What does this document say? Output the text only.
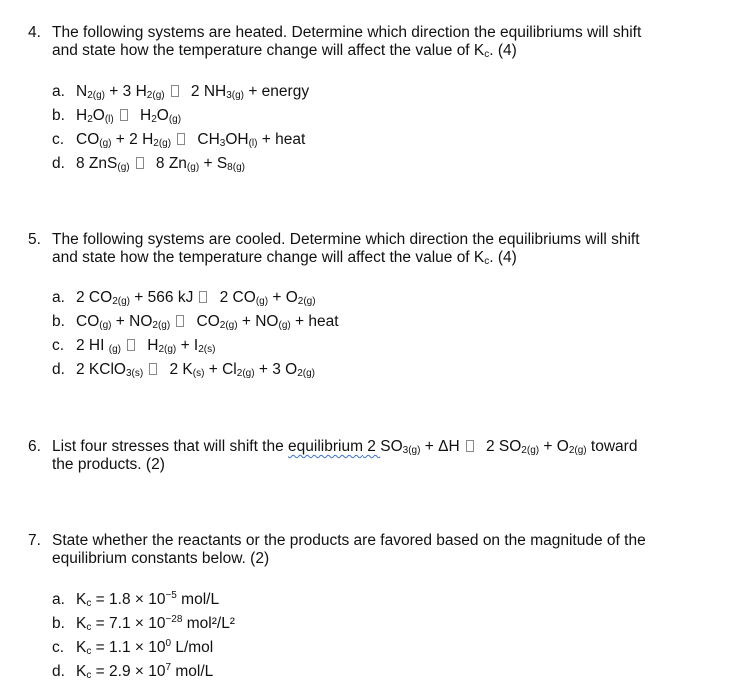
4. The following systems are heated. Determine which direction the equilibriums will shift
and state how the temperature change will affect the value of $K_c$. (4)
a. $N_{2(g)} + 3$ $H_{2(g)}$ 2 $NH_{3(g)}$ + energy
b. $H_2O_{(l)}$ $H_2O_{(g)}$
c. $CO_{(g)} + 2$ $H_{2(g)}$ $CH_3OH_{(l)}$ + heat
d. 8 ZnS$_{(g)}$ 8 $Zn_{(g)} + S_{8(g)}$
5. The following systems are cooled. Determine which direction the equilibriums will shift
and state how the temperature change will affect the value of $K_c$. (4)
a. 2 $CO_{2(g)} + 566$ kJ 2 $CO_{(g)} + O_{2(g)}$
b. $CO_{(g)} + NO_{2(g)}$ $CO_{2(g)} + NO_{(g)}$ + heat
c. 2 HI $_{(g)}$ $H_{2(g)} + I_{2(s)}$
d. 2 KClO$_{3(s)}$ 2 $K_{(s)} + Cl_{2(g)} + 3$ $O_{2(g)}$
6. List four stresses that will shift the equilibrium 2 $SO_{3(g)} + \Delta H$ 2 $SO_{2(g)} + O_{2(g)}$ toward
the products. (2)
7. State whether the reactants or the products are favored based on the magnitude of the
equilibrium constants below. (2)
a. $K_c = 1.8 \times 10^{-5}$ mol/L
b. $K_c = 7.1 \times 10^{-28}$ mol²/L²
c. $K_c = 1.1 \times 10^0$ L/mol
d. $K_c = 2.9 \times 10^7$ mol/L
